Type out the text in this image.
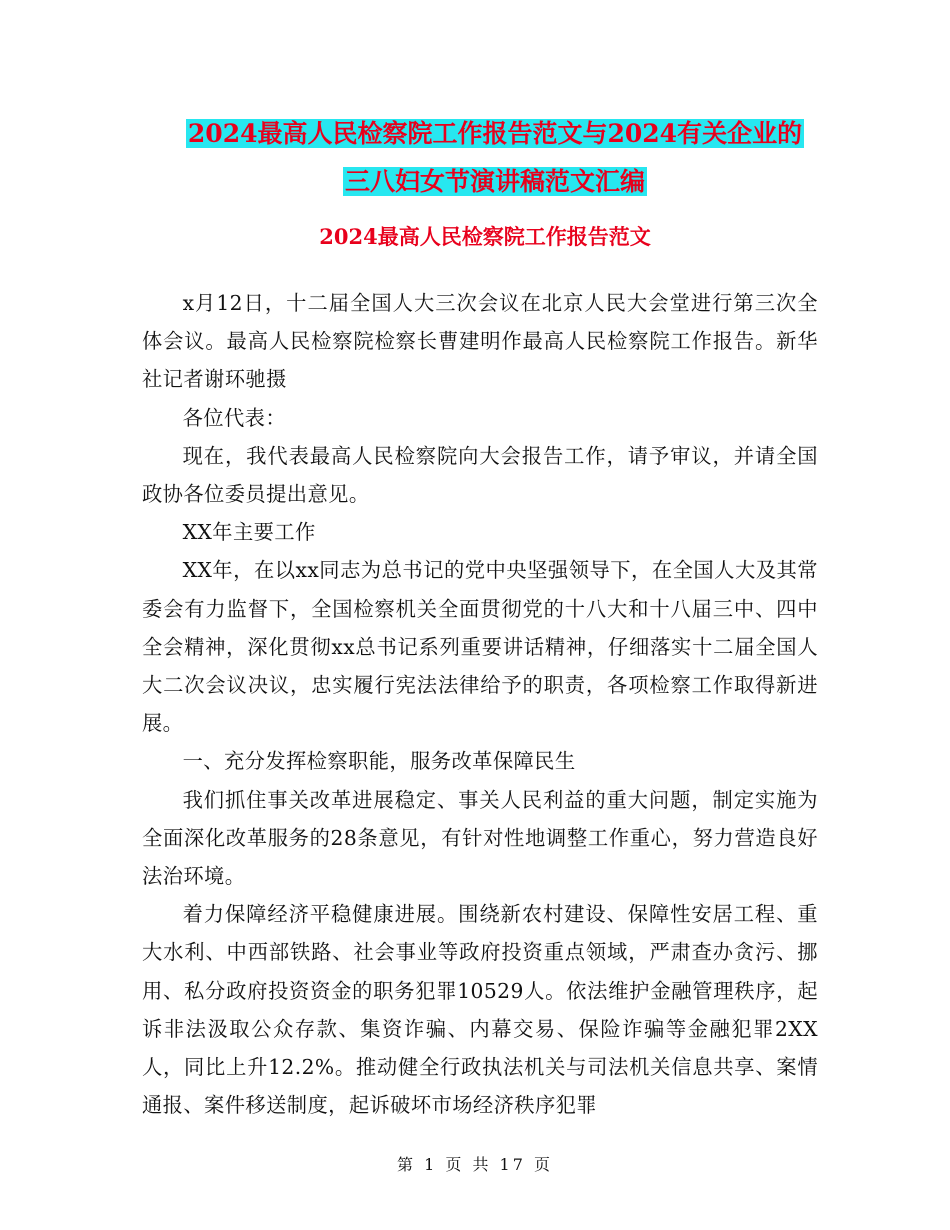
2024最高人民检察院工作报告范文与2024有关企业的
三八妇女节演讲稿范文汇编
2024最高人民检察院工作报告范文

x月12日，十二届全国人大三次会议在北京人民大会堂进行第三次全体会议。最高人民检察院检察长曹建明作最高人民检察院工作报告。新华社记者谢环驰摄

各位代表：

现在，我代表最高人民检察院向大会报告工作，请予审议，并请全国政协各位委员提出意见。

XX年主要工作

XX年，在以xx同志为总书记的党中央坚强领导下，在全国人大及其常委会有力监督下，全国检察机关全面贯彻党的十八大和十八届三中、四中全会精神，深化贯彻xx总书记系列重要讲话精神，仔细落实十二届全国人大二次会议决议，忠实履行宪法法律给予的职责，各项检察工作取得新进展。

一、充分发挥检察职能，服务改革保障民生

我们抓住事关改革进展稳定、事关人民利益的重大问题，制定实施为全面深化改革服务的28条意见，有针对性地调整工作重心，努力营造良好法治环境。

着力保障经济平稳健康进展。围绕新农村建设、保障性安居工程、重大水利、中西部铁路、社会事业等政府投资重点领域，严肃查办贪污、挪用、私分政府投资资金的职务犯罪10529人。依法维护金融管理秩序，起诉非法汲取公众存款、集资诈骗、内幕交易、保险诈骗等金融犯罪2XX人，同比上升12.2%。推动健全行政执法机关与司法机关信息共享、案情通报、案件移送制度，起诉破坏市场经济秩序犯罪

第 1 页 共 17 页
